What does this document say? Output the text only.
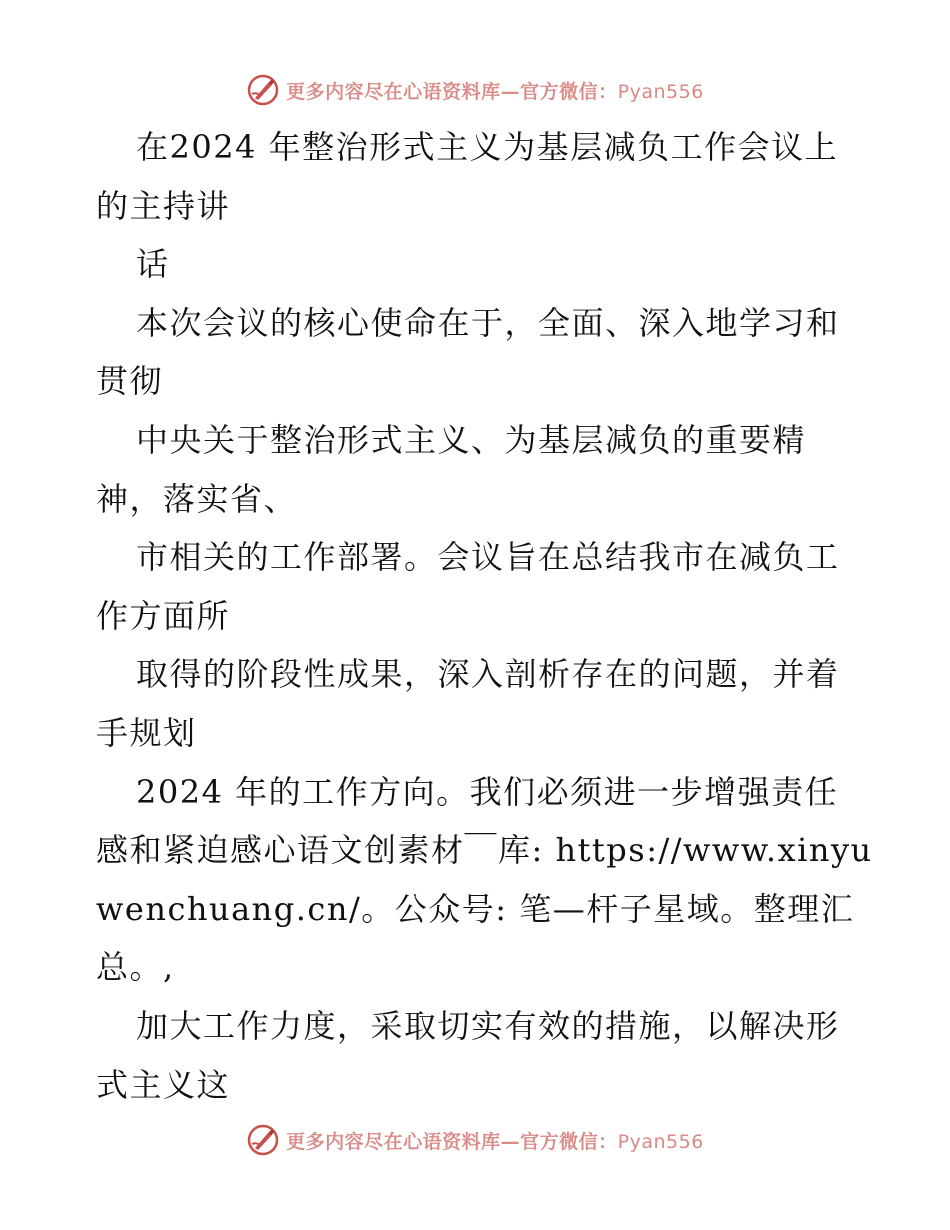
更多内容尽在心语资料库—官方微信：Pyan556
在2024 年整治形式主义为基层减负工作会议上
的主持讲
话
本次会议的核心使命在于，全面、深入地学习和
贯彻
中央关于整治形式主义、为基层减负的重要精
神，落实省、
市相关的工作部署。会议旨在总结我市在减负工
作方面所
取得的阶段性成果，深入剖析存在的问题，并着
手规划
2024 年的工作方向。我们必须进一步增强责任
感和紧迫感心语文创素材￣库: https://www.xinyu
wenchuang.cn/。公众号: 笔—杆子星域。整理汇
总。,
加大工作力度，采取切实有效的措施，以解决形
式主义这
更多内容尽在心语资料库—官方微信：Pyan556
